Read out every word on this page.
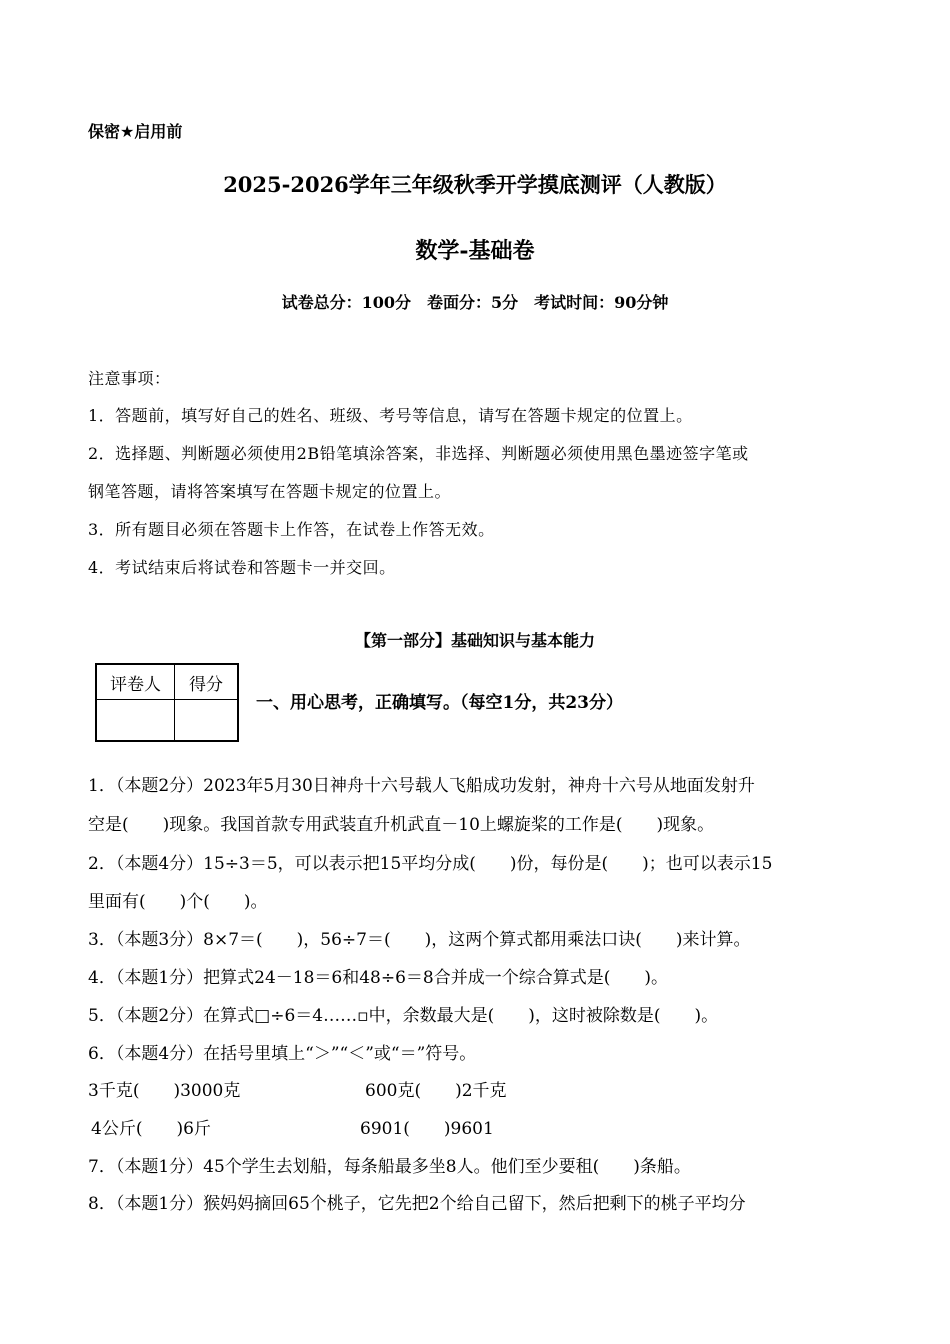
保密★启用前
2025-2026学年三年级秋季开学摸底测评（人教版）
数学-基础卷
试卷总分：100分　卷面分：5分　考试时间：90分钟
注意事项：
1．答题前，填写好自己的姓名、班级、考号等信息，请写在答题卡规定的位置上。
2．选择题、判断题必须使用2B铅笔填涂答案，非选择、判断题必须使用黑色墨迹签字笔或
钢笔答题，请将答案填写在答题卡规定的位置上。
3．所有题目必须在答题卡上作答，在试卷上作答无效。
4．考试结束后将试卷和答题卡一并交回。
【第一部分】基础知识与基本能力
评卷人	得分

一、用心思考，正确填写。（每空1分，共23分）
1．（本题2分）2023年5月30日神舟十六号载人飞船成功发射，神舟十六号从地面发射升
空是(　　)现象。我国首款专用武装直升机武直－10上螺旋桨的工作是(　　)现象。
2．（本题4分）15÷3＝5，可以表示把15平均分成(　　)份，每份是(　　)；也可以表示15
里面有(　　)个(　　)。
3．（本题3分）8×7＝(　　)，56÷7＝(　　)，这两个算式都用乘法口诀(　　)来计算。
4．（本题1分）把算式24－18＝6和48÷6＝8合并成一个综合算式是(　　)。
5．（本题2分）在算式□÷6＝4……▫中，余数最大是(　　)，这时被除数是(　　)。
6．（本题4分）在括号里填上“＞”“＜”或“＝”符号。
3千克(　　)3000克	600克(　　)2千克
4公斤(　　)6斤	6901(　　)9601
7．（本题1分）45个学生去划船，每条船最多坐8人。他们至少要租(　　)条船。
8．（本题1分）猴妈妈摘回65个桃子，它先把2个给自己留下，然后把剩下的桃子平均分
